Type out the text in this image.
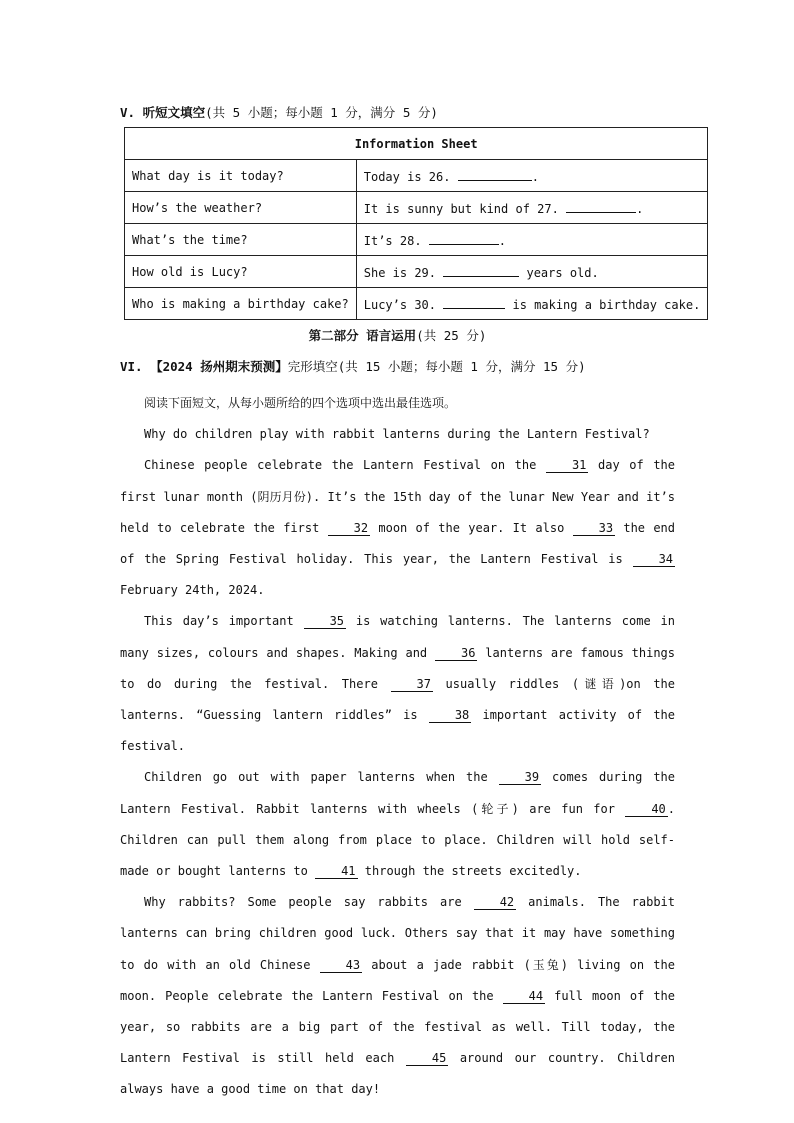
V. 听短文填空(共 5 小题；每小题 1 分，满分 5 分)
Information Sheet	
What day is it today?	Today is 26. .
How’s the weather?	It is sunny but kind of 27. .
What’s the time?	It’s 28. .
How old is Lucy?	She is 29. years old.
Who is making a birthday cake?	Lucy’s 30. is making a birthday cake.
第二部分 语言运用(共 25 分)
VI. 【2024 扬州期末预测】完形填空(共 15 小题；每小题 1 分，满分 15 分)

阅读下面短文，从每小题所给的四个选项中选出最佳选项。

Why do children play with rabbit lanterns during the Lantern Festival?

Chinese people celebrate the Lantern Festival on the	31 day of the first lunar month (阴历月份). It’s the 15th day of the lunar New Year and it’s held to celebrate the first	32 moon of the year. It also	33 the end of the Spring Festival holiday. This year, the Lantern Festival is	34 February 24th, 2024.

This day’s important	35 is watching lanterns. The lanterns come in many sizes, colours and shapes. Making and	36 lanterns are famous things to do during the festival. There	37 usually riddles (谜语)on the lanterns. “Guessing lantern riddles” is	38 important activity of the festival.

Children go out with paper lanterns when the	39 comes during the Lantern Festival. Rabbit lanterns with wheels (轮子) are fun for	40 . Children can pull them along from place to place. Children will hold self-made or bought lanterns to	41 through the streets excitedly.

Why rabbits? Some people say rabbits are	42 animals. The rabbit lanterns can bring children good luck. Others say that it may have something to do with an old Chinese	43 about a jade rabbit (玉兔) living on the moon. People celebrate the Lantern Festival on the	44 full moon of the year, so rabbits are a big part of the festival as well. Till today, the Lantern Festival is still held each	45 around our country. Children always have a good time on that day!
